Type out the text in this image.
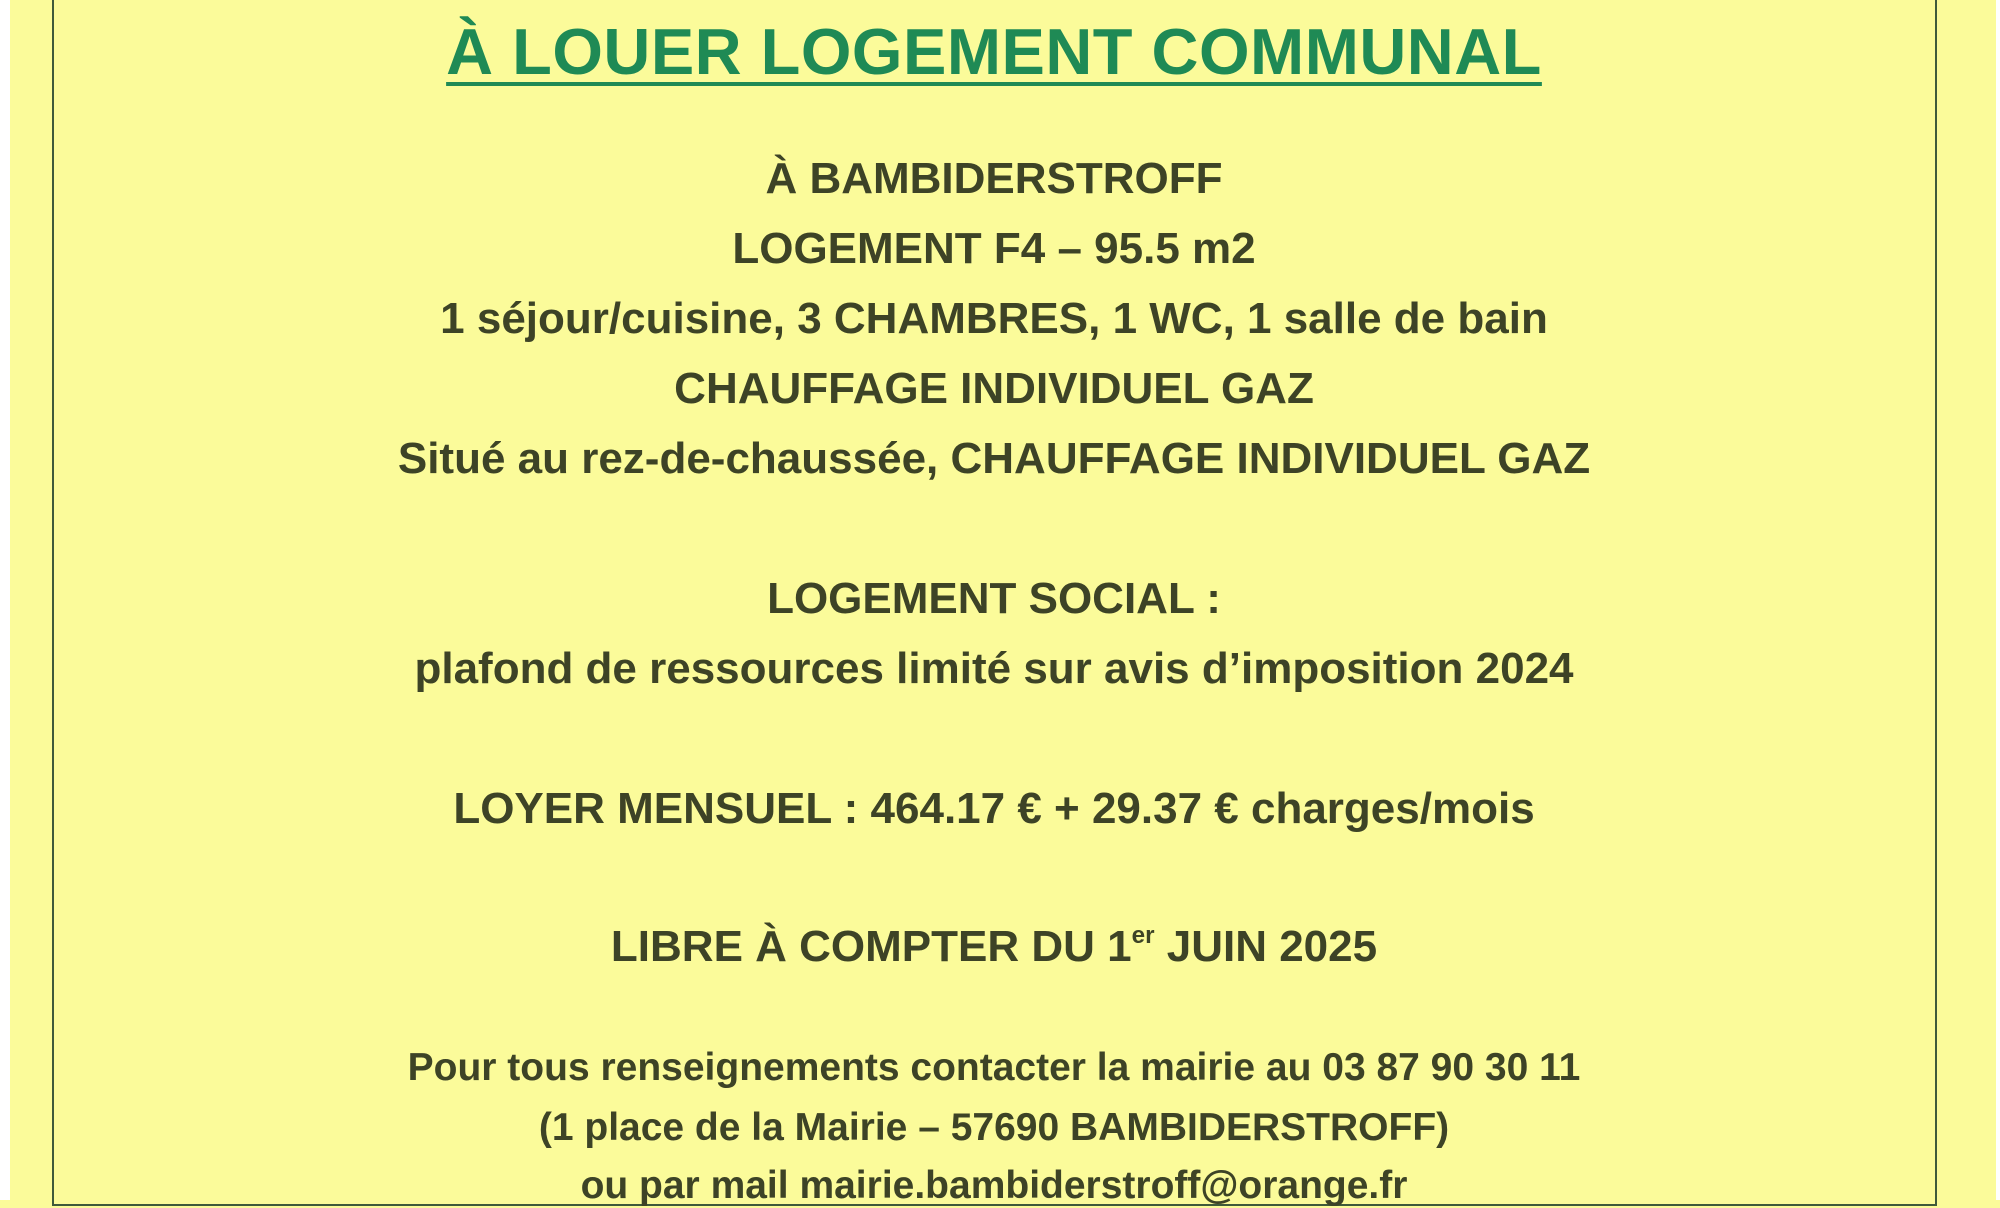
À LOUER LOGEMENT COMMUNAL
À BAMBIDERSTROFF
LOGEMENT F4 – 95.5 m2
1 séjour/cuisine, 3 CHAMBRES, 1 WC, 1 salle de bain
CHAUFFAGE INDIVIDUEL GAZ
Situé au rez-de-chaussée, CHAUFFAGE INDIVIDUEL GAZ
LOGEMENT SOCIAL :
plafond de ressources limité sur avis d’imposition 2024
LOYER MENSUEL : 464.17 € + 29.37 € charges/mois
LIBRE À COMPTER DU 1er JUIN 2025
Pour tous renseignements contacter la mairie au 03 87 90 30 11
(1 place de la Mairie – 57690 BAMBIDERSTROFF)
ou par mail mairie.bambiderstroff@orange.fr
